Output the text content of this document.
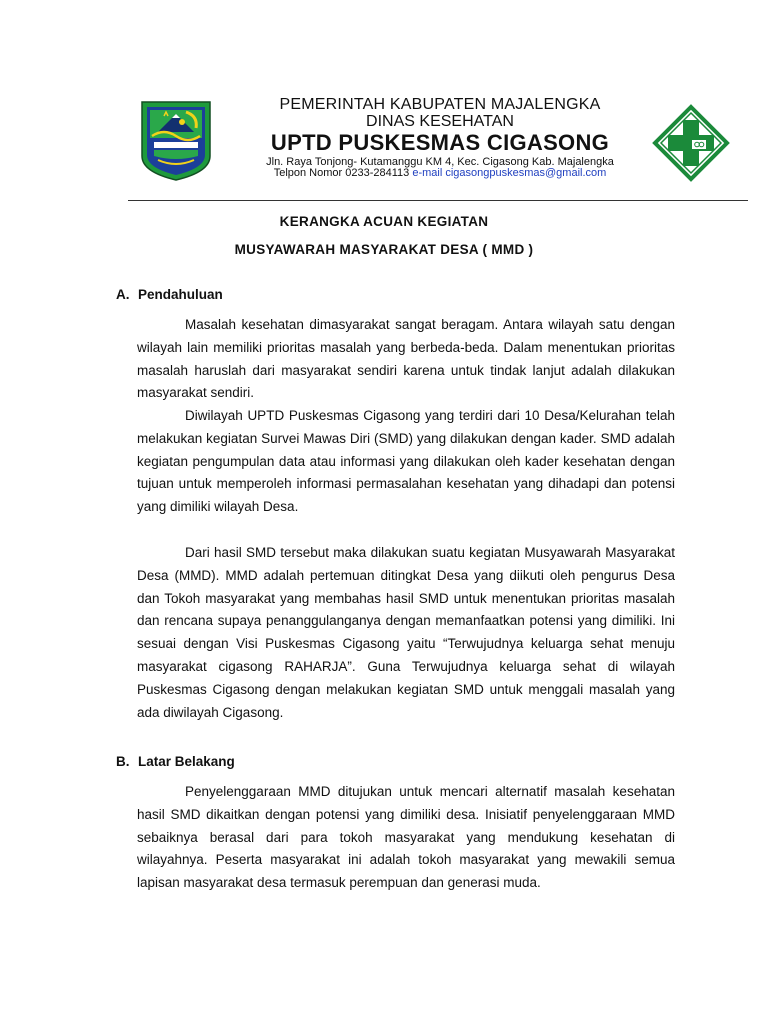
PEMERINTAH KABUPATEN MAJALENGKA
DINAS KESEHATAN
UPTD PUSKESMAS CIGASONG
Jln. Raya Tonjong- Kutamanggu KM 4, Kec. Cigasong Kab. Majalengka
Telpon Nomor 0233-284113 e-mail cigasongpuskesmas@gmail.com
KERANGKA ACUAN KEGIATAN
MUSYAWARAH MASYARAKAT DESA ( MMD )
A. Pendahuluan
Masalah kesehatan dimasyarakat sangat beragam. Antara wilayah satu dengan wilayah lain memiliki prioritas masalah yang berbeda-beda. Dalam menentukan prioritas masalah haruslah dari masyarakat sendiri karena untuk tindak lanjut adalah dilakukan masyarakat sendiri.
Diwilayah UPTD Puskesmas Cigasong yang terdiri dari 10 Desa/Kelurahan telah melakukan kegiatan Survei Mawas Diri (SMD) yang dilakukan dengan kader. SMD adalah kegiatan pengumpulan data atau informasi yang dilakukan oleh kader kesehatan dengan tujuan untuk memperoleh informasi permasalahan kesehatan yang dihadapi dan potensi yang dimiliki wilayah Desa.
Dari hasil SMD tersebut maka dilakukan suatu kegiatan Musyawarah Masyarakat Desa (MMD). MMD adalah pertemuan ditingkat Desa yang diikuti oleh pengurus Desa dan Tokoh masyarakat yang membahas hasil SMD untuk menentukan prioritas masalah dan rencana supaya penanggulanganya dengan memanfaatkan potensi yang dimiliki. Ini sesuai dengan Visi Puskesmas Cigasong yaitu “Terwujudnya keluarga sehat menuju masyarakat cigasong RAHARJA”. Guna Terwujudnya keluarga sehat di wilayah Puskesmas Cigasong dengan melakukan kegiatan SMD untuk menggali masalah yang ada diwilayah Cigasong.
B. Latar Belakang
Penyelenggaraan MMD ditujukan untuk mencari alternatif masalah kesehatan hasil SMD dikaitkan dengan potensi yang dimiliki desa. Inisiatif penyelenggaraan MMD sebaiknya berasal dari para tokoh masyarakat yang mendukung kesehatan di wilayahnya. Peserta masyarakat ini adalah tokoh masyarakat yang mewakili semua lapisan masyarakat desa termasuk perempuan dan generasi muda.
